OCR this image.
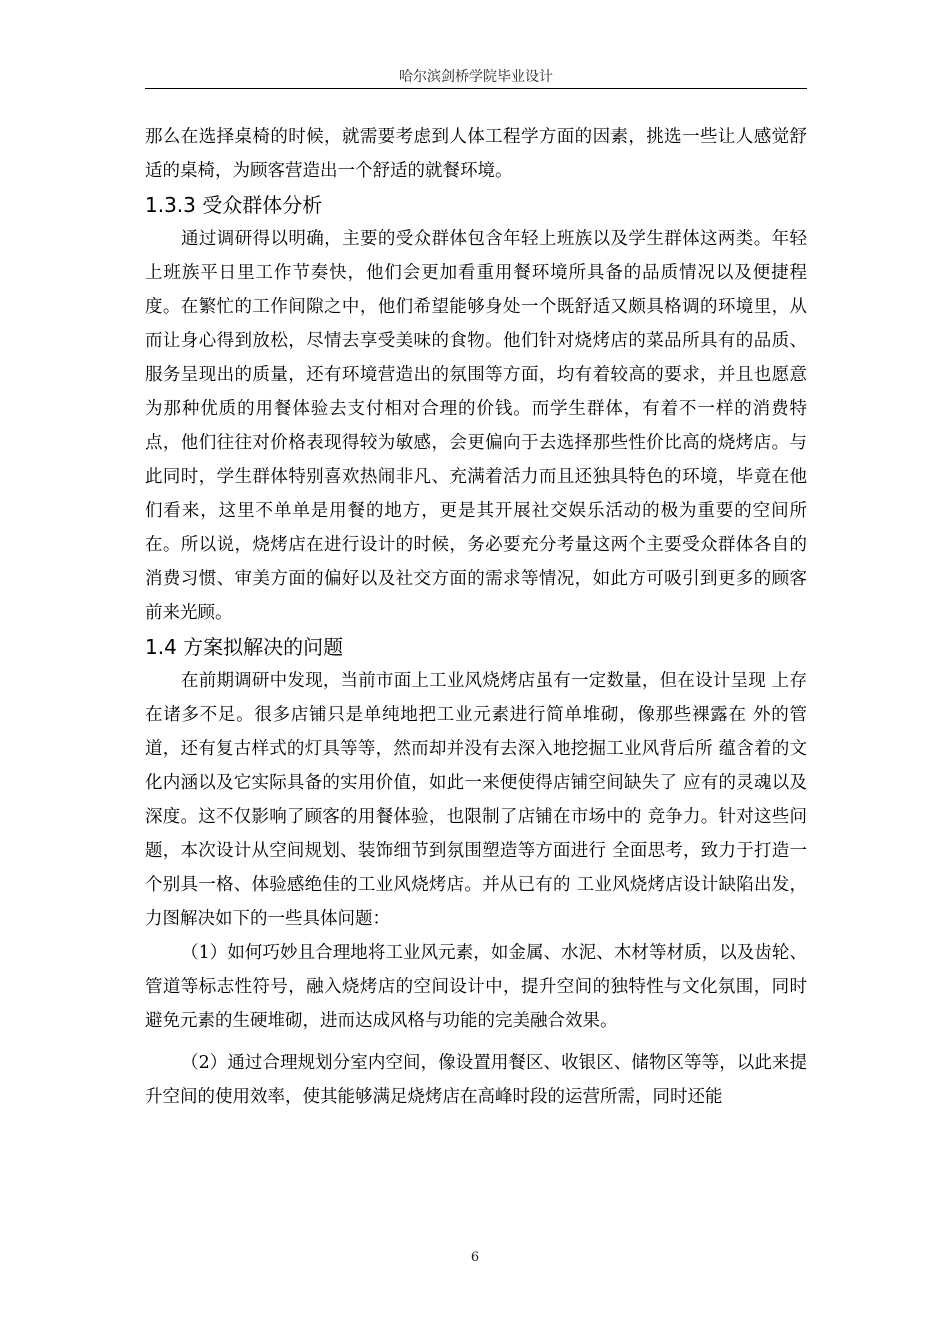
哈尔滨剑桥学院毕业设计
那么在选择桌椅的时候，就需要考虑到人体工程学方面的因素，挑选一些让人感觉舒适的桌椅，为顾客营造出一个舒适的就餐环境。
1.3.3 受众群体分析
通过调研得以明确，主要的受众群体包含年轻上班族以及学生群体这两类。年轻上班族平日里工作节奏快，他们会更加看重用餐环境所具备的品质情况以及便捷程度。在繁忙的工作间隙之中，他们希望能够身处一个既舒适又颇具格调的环境里，从而让身心得到放松，尽情去享受美味的食物。他们针对烧烤店的菜品所具有的品质、服务呈现出的质量，还有环境营造出的氛围等方面，均有着较高的要求，并且也愿意为那种优质的用餐体验去支付相对合理的价钱。而学生群体，有着不一样的消费特点，他们往往对价格表现得较为敏感，会更偏向于去选择那些性价比高的烧烤店。与此同时，学生群体特别喜欢热闹非凡、充满着活力而且还独具特色的环境，毕竟在他们看来，这里不单单是用餐的地方，更是其开展社交娱乐活动的极为重要的空间所在。所以说，烧烤店在进行设计的时候，务必要充分考量这两个主要受众群体各自的消费习惯、审美方面的偏好以及社交方面的需求等情况，如此方可吸引到更多的顾客前来光顾。
1.4 方案拟解决的问题
在前期调研中发现，当前市面上工业风烧烤店虽有一定数量，但在设计呈现 上存在诸多不足。很多店铺只是单纯地把工业元素进行简单堆砌，像那些裸露在 外的管道，还有复古样式的灯具等等，然而却并没有去深入地挖掘工业风背后所 蕴含着的文化内涵以及它实际具备的实用价值，如此一来便使得店铺空间缺失了 应有的灵魂以及深度。这不仅影响了顾客的用餐体验，也限制了店铺在市场中的 竞争力。针对这些问题，本次设计从空间规划、装饰细节到氛围塑造等方面进行 全面思考，致力于打造一个别具一格、体验感绝佳的工业风烧烤店。并从已有的 工业风烧烤店设计缺陷出发，力图解决如下的一些具体问题：
（1）如何巧妙且合理地将工业风元素，如金属、水泥、木材等材质，以及齿轮、管道等标志性符号，融入烧烤店的空间设计中，提升空间的独特性与文化氛围，同时避免元素的生硬堆砌，进而达成风格与功能的完美融合效果。
（2）通过合理规划分室内空间，像设置用餐区、收银区、储物区等等，以此来提升空间的使用效率，使其能够满足烧烤店在高峰时段的运营所需，同时还能
6
